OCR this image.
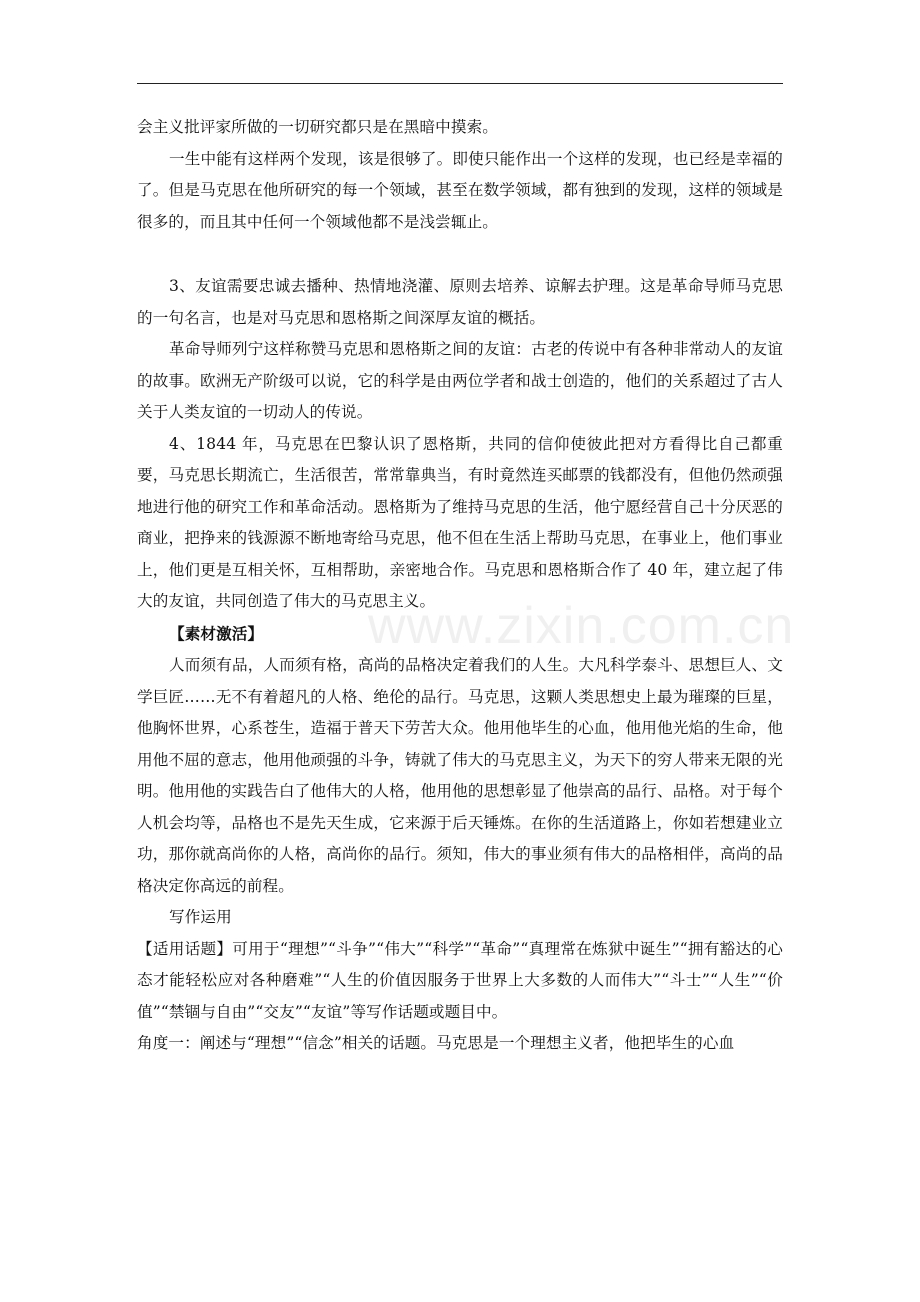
www.zixin.com.cn

会主义批评家所做的一切研究都只是在黑暗中摸索。

一生中能有这样两个发现，该是很够了。即使只能作出一个这样的发现，也已经是幸福的了。但是马克思在他所研究的每一个领域，甚至在数学领域，都有独到的发现，这样的领域是很多的，而且其中任何一个领域他都不是浅尝辄止。

3、友谊需要忠诚去播种、热情地浇灌、原则去培养、谅解去护理。这是革命导师马克思的一句名言，也是对马克思和恩格斯之间深厚友谊的概括。

革命导师列宁这样称赞马克思和恩格斯之间的友谊：古老的传说中有各种非常动人的友谊的故事。欧洲无产阶级可以说，它的科学是由两位学者和战士创造的，他们的关系超过了古人关于人类友谊的一切动人的传说。

4、1844 年，马克思在巴黎认识了恩格斯，共同的信仰使彼此把对方看得比自己都重要，马克思长期流亡，生活很苦，常常靠典当，有时竟然连买邮票的钱都没有，但他仍然顽强地进行他的研究工作和革命活动。恩格斯为了维持马克思的生活，他宁愿经营自己十分厌恶的商业，把挣来的钱源源不断地寄给马克思，他不但在生活上帮助马克思，在事业上，他们事业上，他们更是互相关怀，互相帮助，亲密地合作。马克思和恩格斯合作了 40 年，建立起了伟大的友谊，共同创造了伟大的马克思主义。

【素材激活】

人而须有品，人而须有格，高尚的品格决定着我们的人生。大凡科学泰斗、思想巨人、文学巨匠……无不有着超凡的人格、绝伦的品行。马克思，这颗人类思想史上最为璀璨的巨星，他胸怀世界，心系苍生，造福于普天下劳苦大众。他用他毕生的心血，他用他光焰的生命，他用他不屈的意志，他用他顽强的斗争，铸就了伟大的马克思主义，为天下的穷人带来无限的光明。他用他的实践告白了他伟大的人格，他用他的思想彰显了他崇高的品行、品格。对于每个人机会均等，品格也不是先天生成，它来源于后天锤炼。在你的生活道路上，你如若想建业立功，那你就高尚你的人格，高尚你的品行。须知，伟大的事业须有伟大的品格相伴，高尚的品格决定你高远的前程。

写作运用

【适用话题】可用于“理想”“斗争”“伟大”“科学”“革命”“真理常在炼狱中诞生”“拥有豁达的心态才能轻松应对各种磨难”“人生的价值因服务于世界上大多数的人而伟大”“斗士”“人生”“价值”“禁锢与自由”“交友”“友谊”等写作话题或题目中。

角度一：阐述与“理想”“信念”相关的话题。马克思是一个理想主义者，他把毕生的心血
